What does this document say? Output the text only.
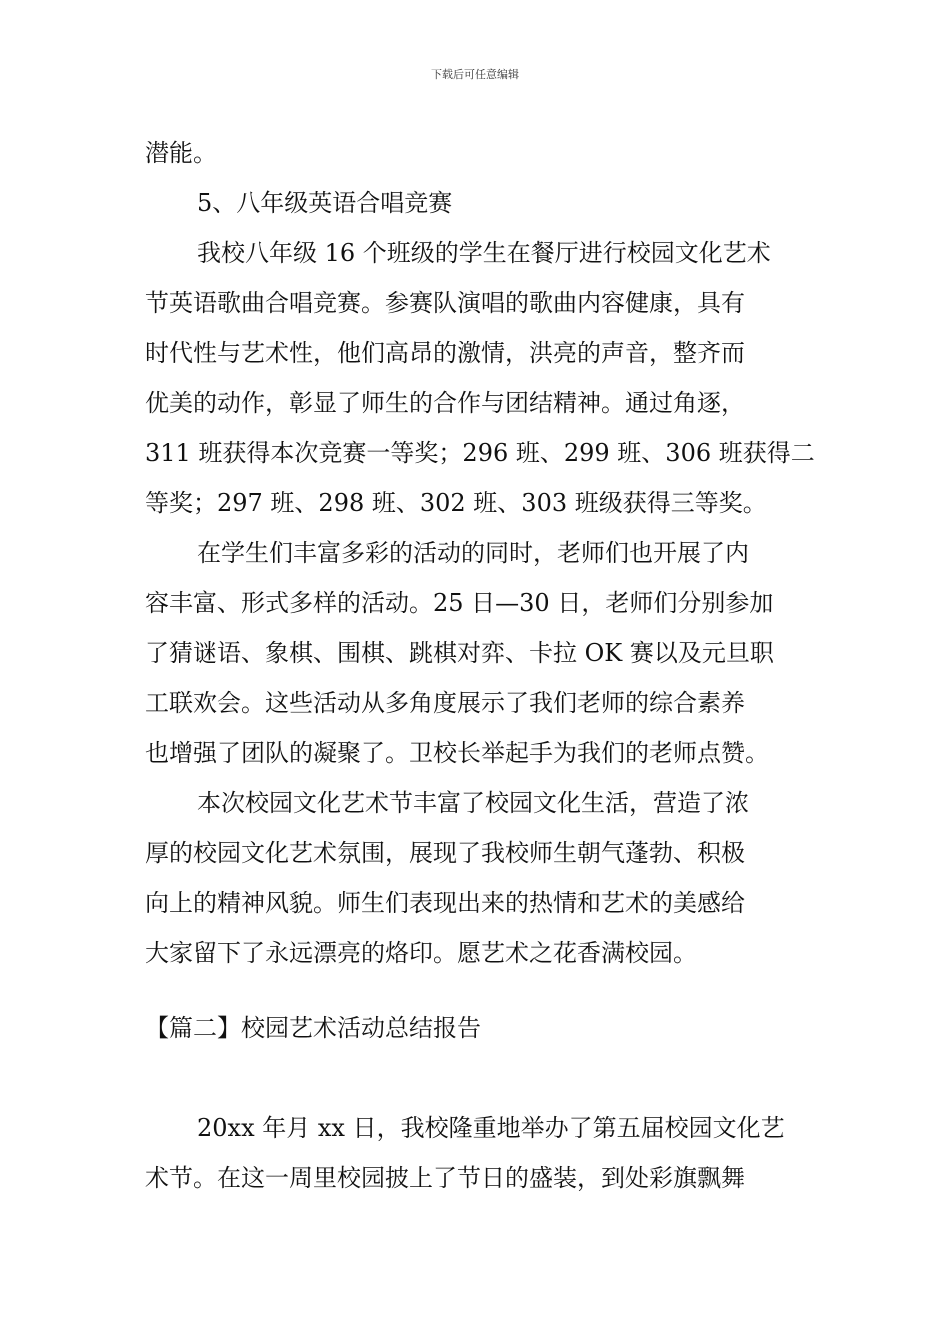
下载后可任意编辑
潜能。
5、八年级英语合唱竞赛
我校八年级 16 个班级的学生在餐厅进行校园文化艺术
节英语歌曲合唱竞赛。参赛队演唱的歌曲内容健康，具有
时代性与艺术性，他们高昂的激情，洪亮的声音，整齐而
优美的动作，彰显了师生的合作与团结精神。通过角逐，
311 班获得本次竞赛一等奖；296 班、299 班、306 班获得二
等奖；297 班、298 班、302 班、303 班级获得三等奖。
在学生们丰富多彩的活动的同时，老师们也开展了内
容丰富、形式多样的活动。25 日—30 日，老师们分别参加
了猜谜语、象棋、围棋、跳棋对弈、卡拉 OK 赛以及元旦职
工联欢会。这些活动从多角度展示了我们老师的综合素养
也增强了团队的凝聚了。卫校长举起手为我们的老师点赞。
本次校园文化艺术节丰富了校园文化生活，营造了浓
厚的校园文化艺术氛围，展现了我校师生朝气蓬勃、积极
向上的精神风貌。师生们表现出来的热情和艺术的美感给
大家留下了永远漂亮的烙印。愿艺术之花香满校园。
【篇二】校园艺术活动总结报告
20xx 年月 xx 日，我校隆重地举办了第五届校园文化艺
术节。在这一周里校园披上了节日的盛装，到处彩旗飘舞
